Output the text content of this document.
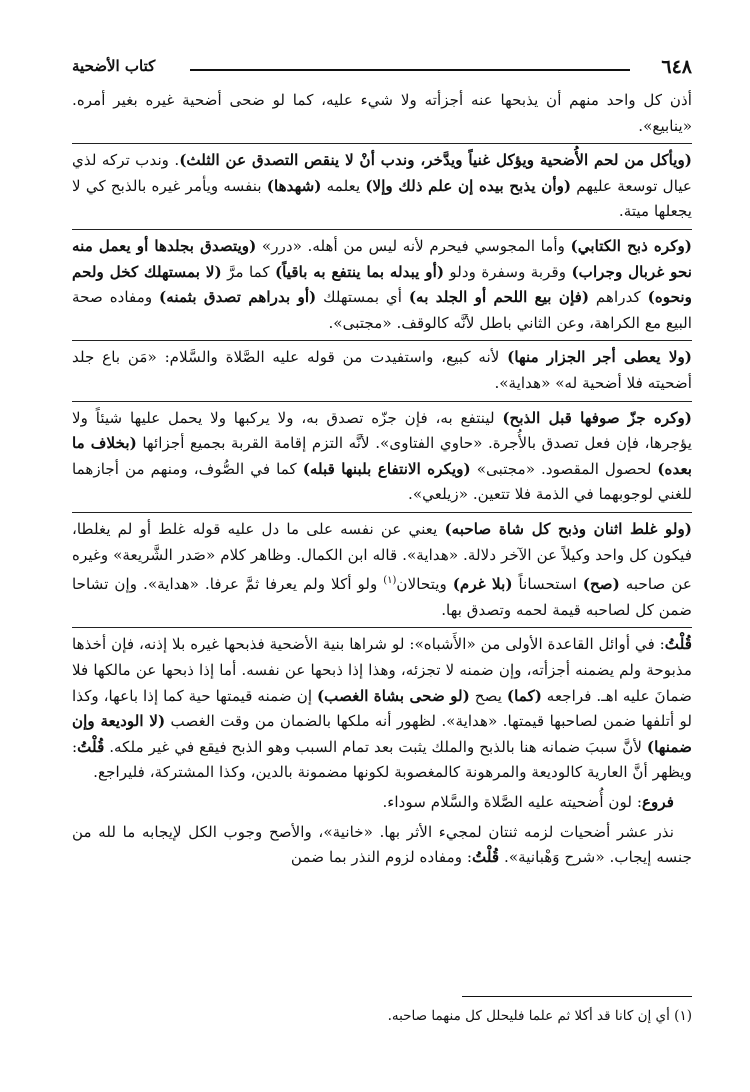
٦٤٨
كتاب الأضحية
أذن كل واحد منهم أن يذبحها عنه أجزأته ولا شيء عليه، كما لو ضحى أضحية غيره بغير أمره. «ينابيع».
(ويأكل من لحم الأُضحية ويؤكل غنياً ويدَّخر، وندب أنْ لا ينقص التصدق عن الثلث). وندب تركه لذي عيال توسعة عليهم (وأن يذبح بيده إن علم ذلك وإلا) يعلمه (شهدها) بنفسه ويأمر غيره بالذبح كي لا يجعلها ميتة.
(وكره ذبح الكتابي) وأما المجوسي فيحرم لأنه ليس من أهله. «درر» (ويتصدق بجلدها أو يعمل منه نحو غربال وجراب) وقربة وسفرة ودلو (أو يبدله بما ينتفع به باقياً) كما مرَّ (لا بمستهلك كخل ولحم ونحوه) كدراهم (فإن بيع اللحم أو الجلد به) أي بمستهلك (أو بدراهم تصدق بثمنه) ومفاده صحة البيع مع الكراهة، وعن الثاني باطل لأنَّه كالوقف. «مجتبى».
(ولا يعطى أجر الجزار منها) لأنه كبيع، واستفيدت من قوله عليه الصَّلاة والسَّلام: «مَن باع جلد أضحيته فلا أضحية له» «هداية».
(وكره جزّ صوفها قبل الذبح) لينتفع به، فإن جزّه تصدق به، ولا يركبها ولا يحمل عليها شيئاً ولا يؤجرها، فإن فعل تصدق بالأُجرة. «حاوي الفتاوى». لأنَّه التزم إقامة القربة بجميع أجزائها (بخلاف ما بعده) لحصول المقصود. «مجتبى» (ويكره الانتفاع بلبنها قبله) كما في الصُّوف، ومنهم من أجازهما للغني لوجوبهما في الذمة فلا تتعين. «زيلعي».
(ولو غلط اثنان وذبح كل شاة صاحبه) يعني عن نفسه على ما دل عليه قوله غلط أو لم يغلطا، فيكون كل واحد وكيلاً عن الآخر دلالة. «هداية». قاله ابن الكمال. وظاهر كلام «صَدر الشَّريعة» وغيره عن صاحبه (صح) استحساناً (بلا غرم) ويتحالان$^{(١)}$ ولو أكلا ولم يعرفا ثمَّ عرفا. «هداية». وإن تشاحا ضمن كل لصاحبه قيمة لحمه وتصدق بها.
قُلْتُ: في أوائل القاعدة الأولى من «الأَشباه»: لو شراها بنية الأضحية فذبحها غيره بلا إذنه، فإن أخذها مذبوحة ولم يضمنه أجزأته، وإن ضمنه لا تجزئه، وهذا إذا ذبحها عن نفسه. أما إذا ذبحها عن مالكها فلا ضمانَ عليه اهـ. فراجعه (كما) يصح (لو ضحى بشاة الغصب) إن ضمنه قيمتها حية كما إذا باعها، وكذا لو أتلفها ضمن لصاحبها قيمتها. «هداية». لظهور أنه ملكها بالضمان من وقت الغصب (لا الوديعة وإن ضمنها) لأنَّ سببَ ضمانه هنا بالذبح والملك يثبت بعد تمام السبب وهو الذبح فيقع في غير ملكه. قُلْتُ: ويظهر أنَّ العارية كالوديعة والمرهونة كالمغصوبة لكونها مضمونة بالدين، وكذا المشتركة، فليراجع.
فروع: لون أُضحيته عليه الصَّلاة والسَّلام سوداء.
نذر عشر أضحيات لزمه ثنتان لمجيء الأثر بها. «خانية»، والأصح وجوب الكل لإيجابه ما لله من جنسه إيجاب. «شرح وَهْبانية». قُلْتُ: ومفاده لزوم النذر بما ضمن
(١) أي إن كانا قد أكلا ثم علما فليحلل كل منهما صاحبه.
